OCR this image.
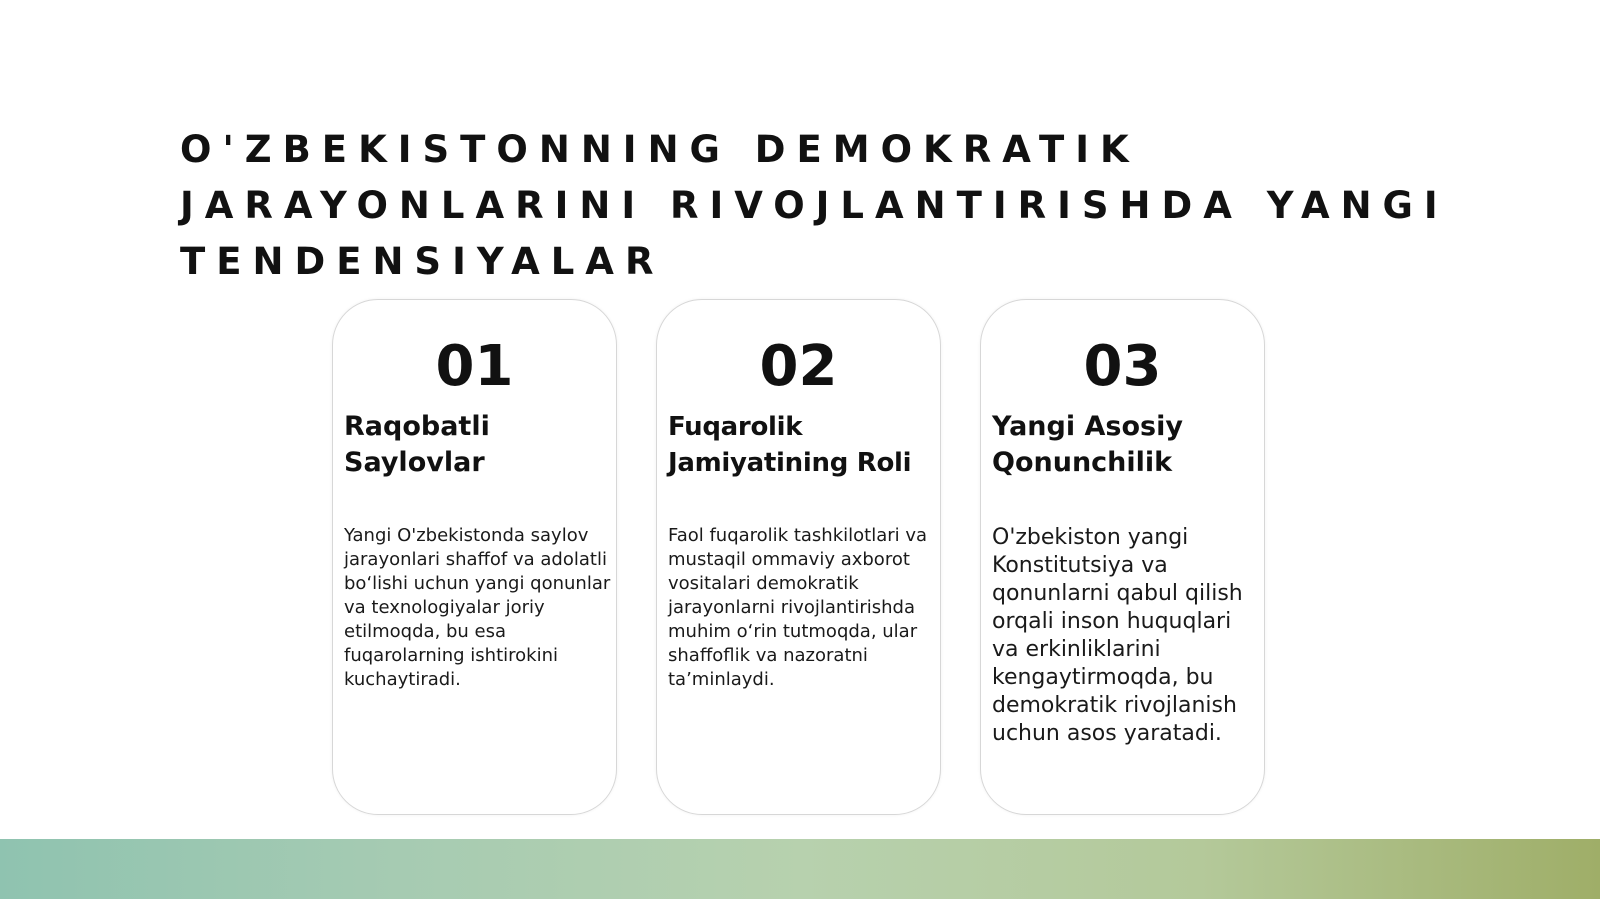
O'ZBEKISTONNING DEMOKRATIK
JARAYONLARINI RIVOJLANTIRISHDA YANGI
TENDENSIYALAR
01
Raqobatli
Saylovlar

Yangi O'zbekistonda saylov jarayonlari shaffof va adolatli bo‘lishi uchun yangi qonunlar va texnologiyalar joriy etilmoqda, bu esa fuqarolarning ishtirokini kuchaytiradi.

02
Fuqarolik
Jamiyatining Roli

Faol fuqarolik tashkilotlari va mustaqil ommaviy axborot vositalari demokratik jarayonlarni rivojlantirishda muhim o‘rin tutmoqda, ular shaffoflik va nazoratni ta’minlaydi.

03
Yangi Asosiy
Qonunchilik

O'zbekiston yangi Konstitutsiya va qonunlarni qabul qilish orqali inson huquqlari va erkinliklarini kengaytirmoqda, bu demokratik rivojlanish uchun asos yaratadi.
